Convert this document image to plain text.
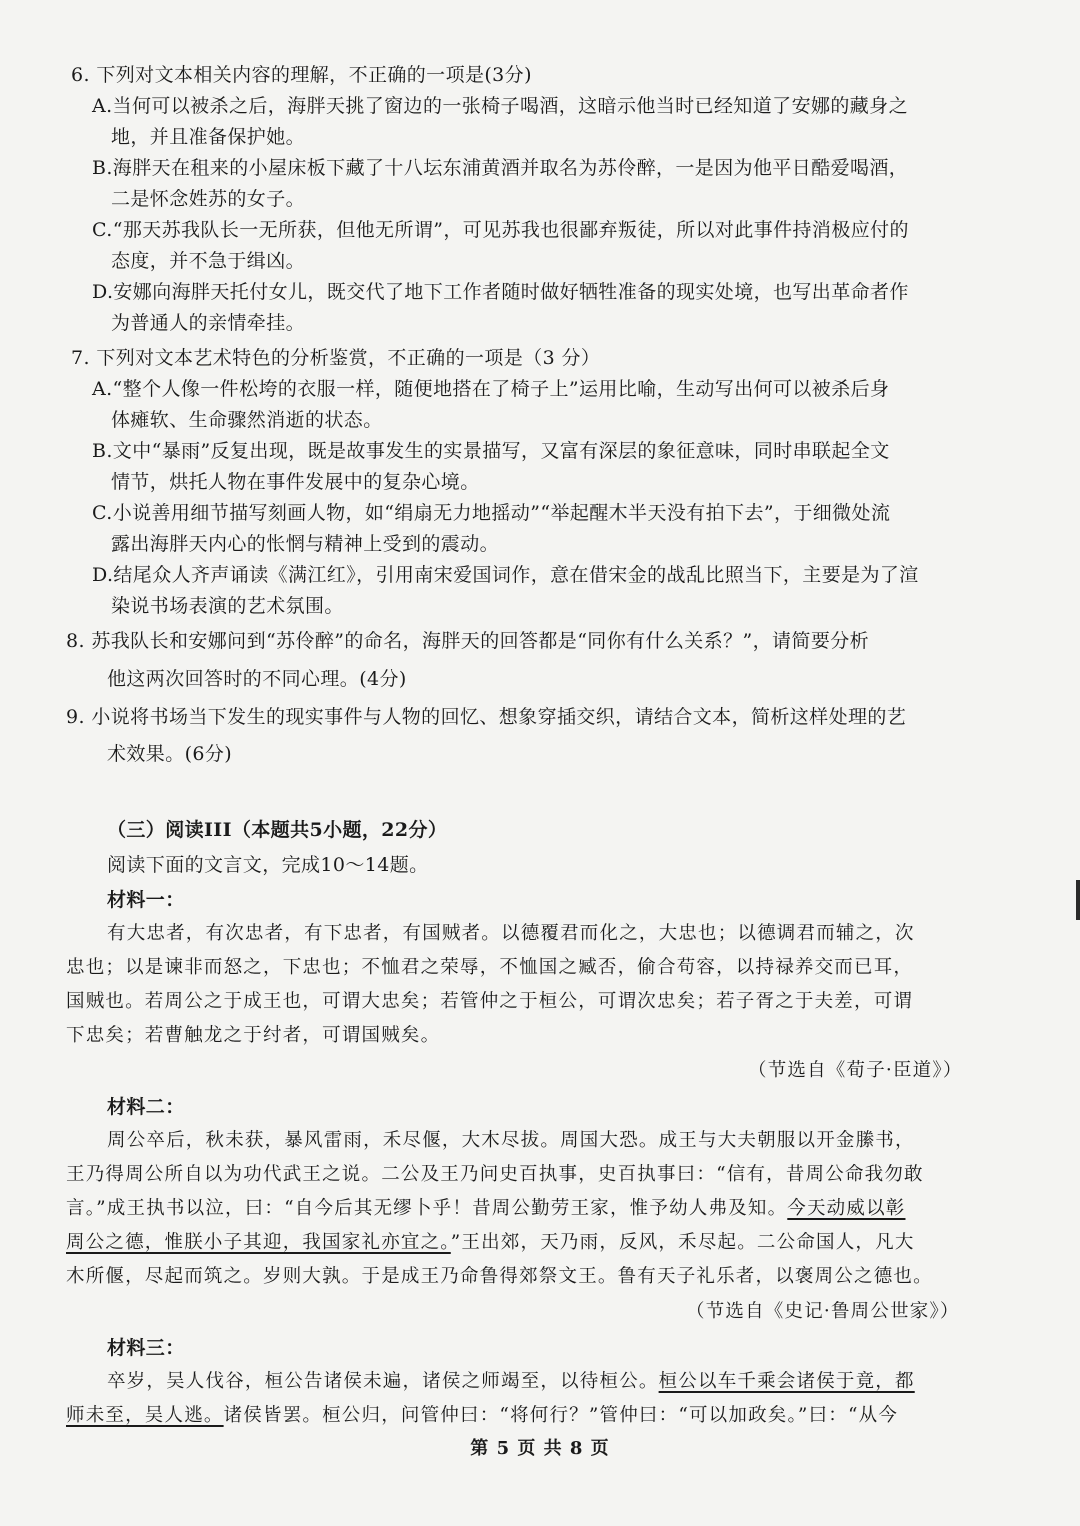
6. 下列对文本相关内容的理解，不正确的一项是(3分)
A.当何可以被杀之后，海胖天挑了窗边的一张椅子喝酒，这暗示他当时已经知道了安娜的藏身之
地，并且准备保护她。
B.海胖天在租来的小屋床板下藏了十八坛东浦黄酒并取名为苏伶醉，一是因为他平日酷爱喝酒，
二是怀念姓苏的女子。
C.“那天苏我队长一无所获，但他无所谓”，可见苏我也很鄙弃叛徒，所以对此事件持消极应付的
态度，并不急于缉凶。
D.安娜向海胖天托付女儿，既交代了地下工作者随时做好牺牲准备的现实处境，也写出革命者作
为普通人的亲情牵挂。
7. 下列对文本艺术特色的分析鉴赏，不正确的一项是（3 分）
A.“整个人像一件松垮的衣服一样，随便地搭在了椅子上”运用比喻，生动写出何可以被杀后身
体瘫软、生命骤然消逝的状态。
B.文中“暴雨”反复出现，既是故事发生的实景描写，又富有深层的象征意味，同时串联起全文
情节，烘托人物在事件发展中的复杂心境。
C.小说善用细节描写刻画人物，如“绢扇无力地摇动”“举起醒木半天没有拍下去”，于细微处流
露出海胖天内心的怅惘与精神上受到的震动。
D.结尾众人齐声诵读《满江红》，引用南宋爱国词作，意在借宋金的战乱比照当下，主要是为了渲
染说书场表演的艺术氛围。
8. 苏我队长和安娜问到“苏伶醉”的命名，海胖天的回答都是“同你有什么关系？”，请简要分析
他这两次回答时的不同心理。(4分)
9. 小说将书场当下发生的现实事件与人物的回忆、想象穿插交织，请结合文本，简析这样处理的艺
术效果。(6分)
（三）阅读III（本题共5小题，22分）
阅读下面的文言文，完成10～14题。
材料一：
有大忠者，有次忠者，有下忠者，有国贼者。以德覆君而化之，大忠也；以德调君而辅之，次
忠也；以是谏非而怒之，下忠也；不恤君之荣辱，不恤国之臧否，偷合苟容，以持禄养交而已耳，
国贼也。若周公之于成王也，可谓大忠矣；若管仲之于桓公，可谓次忠矣；若子胥之于夫差，可谓
下忠矣；若曹触龙之于纣者，可谓国贼矣。
（节选自《荀子·臣道》）
材料二：
周公卒后，秋未获，暴风雷雨，禾尽偃，大木尽拔。周国大恐。成王与大夫朝服以开金縢书，
王乃得周公所自以为功代武王之说。二公及王乃问史百执事，史百执事曰：“信有，昔周公命我勿敢
言。”成王执书以泣，曰：“自今后其无缪卜乎！昔周公勤劳王家，惟予幼人弗及知。今天动威以彰
周公之德，惟朕小子其迎，我国家礼亦宜之。”王出郊，天乃雨，反风，禾尽起。二公命国人，凡大
木所偃，尽起而筑之。岁则大孰。于是成王乃命鲁得郊祭文王。鲁有天子礼乐者，以褒周公之德也。
（节选自《史记·鲁周公世家》）
材料三：
卒岁，吴人伐谷，桓公告诸侯未遍，诸侯之师竭至，以待桓公。桓公以车千乘会诸侯于竟，都
师未至，吴人逃。诸侯皆罢。桓公归，问管仲曰：“将何行？”管仲曰：“可以加政矣。”曰：“从今
第 5 页 共 8 页
